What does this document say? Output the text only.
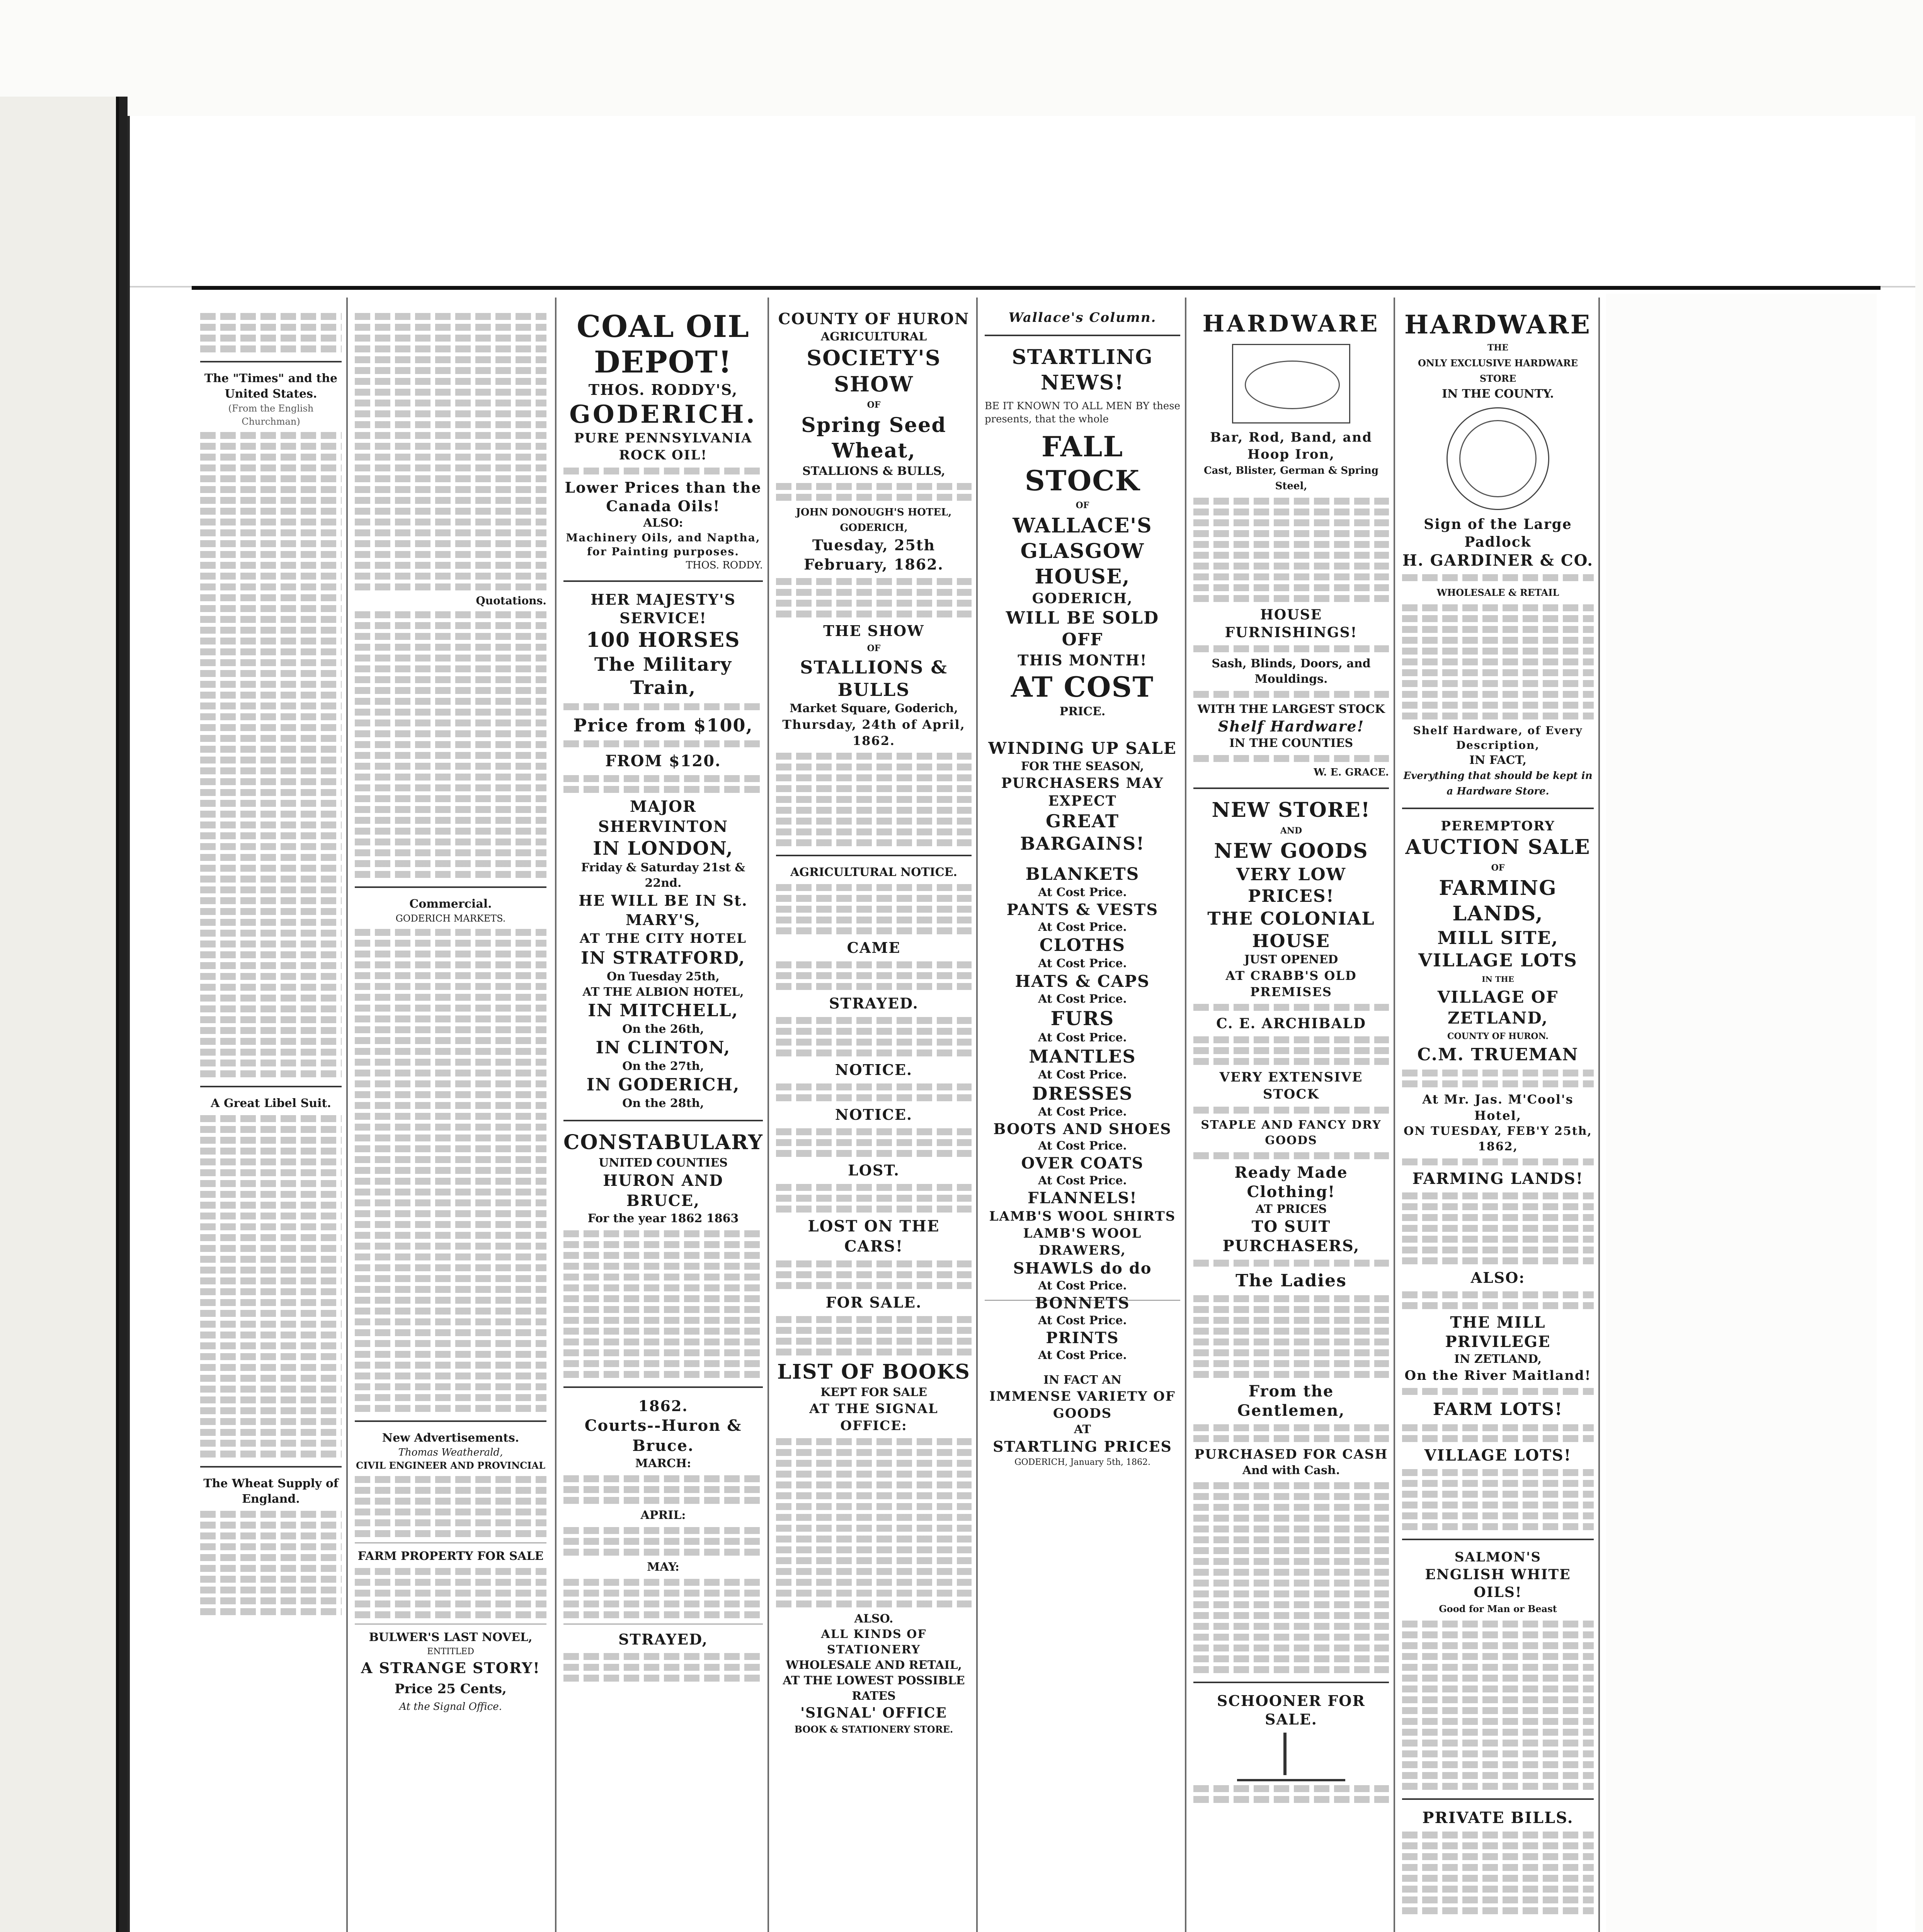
The "Times" and the United States.
(From the English Churchman)
A Great Libel Suit.
The Wheat Supply of England.
Quotations.
Commercial.
GODERICH MARKETS.
New Advertisements.
Thomas Weatherald,
CIVIL ENGINEER AND PROVINCIAL
FARM PROPERTY FOR SALE
BULWER'S LAST NOVEL,
ENTITLED
A STRANGE STORY!
Price 25 Cents,
At the Signal Office.
COAL OIL DEPOT!
THOS. RODDY'S,
GODERICH.
PURE PENNSYLVANIA ROCK OIL!
Lower Prices than the Canada Oils!
ALSO:
Machinery Oils, and Naptha, for Painting purposes.
THOS. RODDY.
HER MAJESTY'S SERVICE!
100 HORSES
The Military Train,
Price from $100,
FROM $120.
MAJOR SHERVINTON
IN LONDON,
Friday & Saturday 21st & 22nd.
HE WILL BE IN St. MARY'S,
AT THE CITY HOTEL
IN STRATFORD,
On Tuesday 25th,
AT THE ALBION HOTEL,
IN MITCHELL,
On the 26th,
IN CLINTON,
On the 27th,
IN GODERICH,
On the 28th,
CONSTABULARY
UNITED COUNTIES
HURON AND BRUCE,
For the year 1862 1863
1862.
Courts--Huron & Bruce.
MARCH:
APRIL:
MAY:
STRAYED,
COUNTY OF HURON
AGRICULTURAL
SOCIETY'S SHOW
OF
Spring Seed Wheat,
STALLIONS & BULLS,
JOHN DONOUGH'S HOTEL, GODERICH,
Tuesday, 25th February, 1862.
THE SHOW
OF
STALLIONS & BULLS
Market Square, Goderich,
Thursday, 24th of April, 1862.
AGRICULTURAL NOTICE.
CAME
STRAYED.
NOTICE.
NOTICE.
LOST.
LOST ON THE CARS!
FOR SALE.
LIST OF BOOKS
KEPT FOR SALE
AT THE SIGNAL OFFICE:
ALSO.
ALL KINDS OF STATIONERY
WHOLESALE AND RETAIL,
AT THE LOWEST POSSIBLE RATES
'SIGNAL' OFFICE
BOOK & STATIONERY STORE.
Wallace's Column.
STARTLING NEWS!
BE IT KNOWN TO ALL MEN BY these presents, that the whole
FALL STOCK
OF
WALLACE'S
GLASGOW HOUSE,
GODERICH,
WILL BE SOLD OFF
THIS MONTH!
AT COST
PRICE.
WINDING UP SALE
FOR THE SEASON,
PURCHASERS MAY EXPECT
GREAT BARGAINS!
BLANKETS
At Cost Price.
PANTS & VESTS
At Cost Price.
CLOTHS
At Cost Price.
HATS & CAPS
At Cost Price.
FURS
At Cost Price.
MANTLES
At Cost Price.
DRESSES
At Cost Price.
BOOTS AND SHOES
At Cost Price.
OVER COATS
At Cost Price.
FLANNELS!
LAMB'S WOOL SHIRTS
LAMB'S WOOL DRAWERS,
SHAWLS do do
At Cost Price.
BONNETS
At Cost Price.
PRINTS
At Cost Price.
IN FACT AN
IMMENSE VARIETY OF GOODS
AT
STARTLING PRICES
GODERICH, January 5th, 1862.
HARDWARE
Bar, Rod, Band, and Hoop Iron,
Cast, Blister, German & Spring Steel,
HOUSE FURNISHINGS!
Sash, Blinds, Doors, and Mouldings.
WITH THE LARGEST STOCK
Shelf Hardware!
IN THE COUNTIES
W. E. GRACE.
NEW STORE!
AND
NEW GOODS
VERY LOW PRICES!
THE COLONIAL HOUSE
JUST OPENED
AT CRABB'S OLD PREMISES
C. E. ARCHIBALD
VERY EXTENSIVE STOCK
STAPLE AND FANCY DRY GOODS
Ready Made Clothing!
AT PRICES
TO SUIT PURCHASERS,
The Ladies
From the Gentlemen,
PURCHASED FOR CASH
And with Cash.
SCHOONER FOR SALE.
HARDWARE
THE
ONLY EXCLUSIVE HARDWARE STORE
IN THE COUNTY.
Sign of the Large Padlock
H. GARDINER & CO.
WHOLESALE & RETAIL
Shelf Hardware, of Every Description,
IN FACT,
Everything that should be kept in a Hardware Store.
PEREMPTORY
AUCTION SALE
OF
FARMING LANDS,
MILL SITE,
VILLAGE LOTS
IN THE
VILLAGE OF ZETLAND,
COUNTY OF HURON.
C.M. TRUEMAN
At Mr. Jas. M'Cool's Hotel,
ON TUESDAY, FEB'Y 25th, 1862,
FARMING LANDS!
ALSO:
THE MILL PRIVILEGE
IN ZETLAND,
On the River Maitland!
FARM LOTS!
VILLAGE LOTS!
SALMON'S
ENGLISH WHITE OILS!
Good for Man or Beast
PRIVATE BILLS.
